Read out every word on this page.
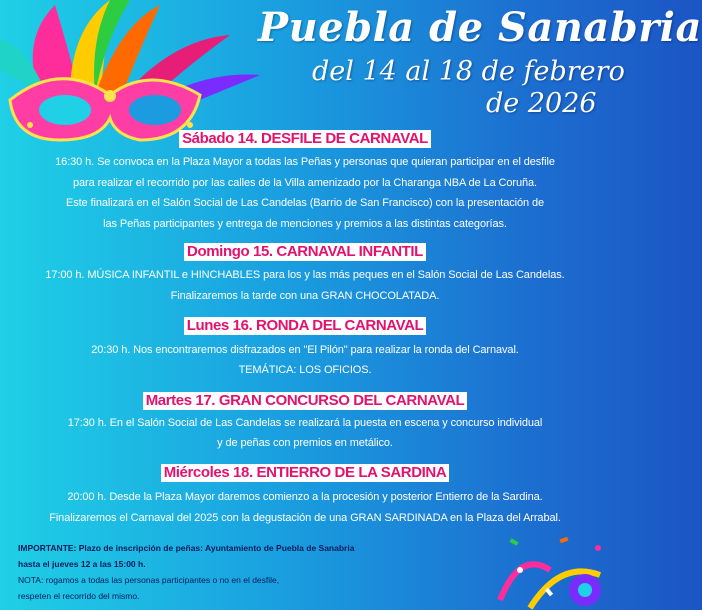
Puebla de Sanabria
del 14 al 18 de febrero
de 2026
Sábado 14. DESFILE DE CARNAVAL
16:30 h. Se convoca en la Plaza Mayor a todas las Peñas y personas que quieran participar en el desfile
para realizar el recorrido por las calles de la Villa amenizado por la Charanga NBA de La Coruña.
Este finalizará en el Salón Social de Las Candelas (Barrio de San Francisco) con la presentación de
las Peñas participantes y entrega de menciones y premios a las distintas categorías.
Domingo 15. CARNAVAL INFANTIL
17:00 h. MÚSICA INFANTIL e HINCHABLES para los y las más peques en el Salón Social de Las Candelas.
Finalizaremos la tarde con una GRAN CHOCOLATADA.
Lunes 16. RONDA DEL CARNAVAL
20:30 h. Nos encontraremos disfrazados en "El Pilón" para realizar la ronda del Carnaval.
TEMÁTICA: LOS OFICIOS.
Martes 17. GRAN CONCURSO DEL CARNAVAL
17:30 h. En el Salón Social de Las Candelas se realizará la puesta en escena y concurso individual
y de peñas con premios en metálico.
Miércoles 18. ENTIERRO DE LA SARDINA
20:00 h. Desde la Plaza Mayor daremos comienzo a la procesión y posterior Entierro de la Sardina.
Finalizaremos el Carnaval del 2025 con la degustación de una GRAN SARDINADA en la Plaza del Arrabal.
IMPORTANTE: Plazo de inscripción de peñas: Ayuntamiento de Puebla de Sanabria
hasta el jueves 12 a las 15:00 h.
NOTA: rogamos a todas las personas participantes o no en el desfile,
respeten el recorrido del mismo.
